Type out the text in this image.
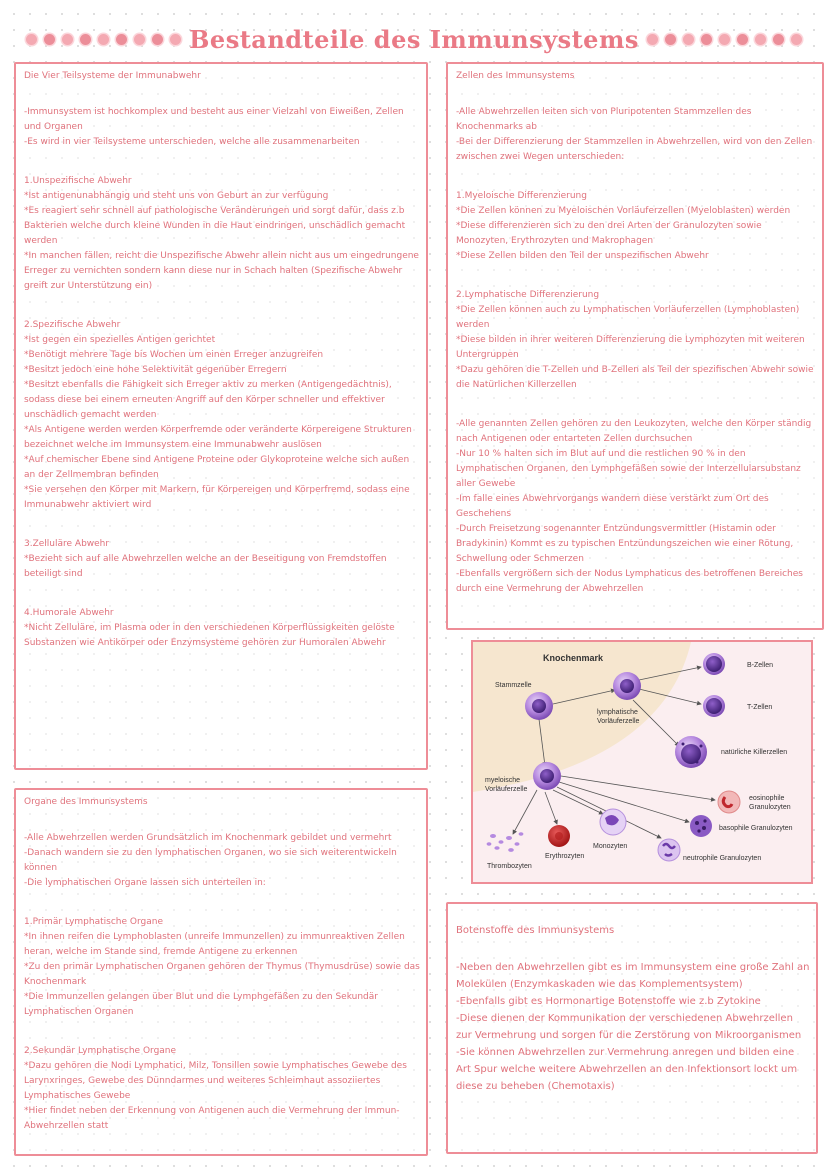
Bestandteile des Immunsystems
Die Vier Teilsysteme der Immunabwehr

-Immunsystem ist hochkomplex und besteht aus einer Vielzahl von Eiweißen, Zellen und Organen

-Es wird in vier Teilsysteme unterschieden, welche alle zusammenarbeiten

1.Unspezifische Abwehr

*Ist antigenunabhängig und steht uns von Geburt an zur verfügung

*Es reagiert sehr schnell auf pathologische Veränderungen und sorgt dafür, dass z.b Bakterien welche durch kleine Wunden in die Haut eindringen, unschädlich gemacht werden

*In manchen fällen, reicht die Unspezifische Abwehr allein nicht aus um eingedrungene Erreger zu vernichten sondern kann diese nur in Schach halten (Spezifische Abwehr greift zur Unterstützung ein)

2.Spezifische Abwehr

*Ist gegen ein spezielles Antigen gerichtet

*Benötigt mehrere Tage bis Wochen um einen Erreger anzugreifen

*Besitzt jedoch eine hohe Selektivität gegenüber Erregern

*Besitzt ebenfalls die Fähigkeit sich Erreger aktiv zu merken (Antigengedächtnis), sodass diese bei einem erneuten Angriff auf den Körper schneller und effektiver unschädlich gemacht werden

*Als Antigene werden werden Körperfremde oder veränderte Körpereigene Strukturen bezeichnet welche im Immunsystem eine Immunabwehr auslösen

*Auf chemischer Ebene sind Antigene Proteine oder Glykoproteine welche sich außen an der Zellmembran befinden

*Sie versehen den Körper mit Markern, für Körpereigen und Körperfremd, sodass eine Immunabwehr aktiviert wird

3.Zelluläre Abwehr

*Bezieht sich auf alle Abwehrzellen welche an der Beseitigung von Fremdstoffen beteiligt sind

4.Humorale Abwehr

*Nicht Zelluläre, im Plasma oder in den verschiedenen Körperflüssigkeiten gelöste Substanzen wie Antikörper oder Enzymsysteme gehören zur Humoralen Abwehr

Zellen des Immunsystems

-Alle Abwehrzellen leiten sich von Pluripotenten Stammzellen des Knochenmarks ab

-Bei der Differenzierung der Stammzellen in Abwehrzellen, wird von den Zellen zwischen zwei Wegen unterschieden:

1.Myeloische Differenzierung

*Die Zellen können zu Myeloischen Vorläuferzellen (Myeloblasten) werden

*Diese differenzieren sich zu den drei Arten der Granulozyten sowie Monozyten, Erythrozyten und Makrophagen

*Diese Zellen bilden den Teil der unspezifischen Abwehr

2.Lymphatische Differenzierung

*Die Zellen können auch zu Lymphatischen Vorläuferzellen (Lymphoblasten) werden

*Diese bilden in ihrer weiteren Differenzierung die Lymphozyten mit weiteren Untergruppen

*Dazu gehören die T-Zellen und B-Zellen als Teil der spezifischen Abwehr sowie die Natürlichen Killerzellen

-Alle genannten Zellen gehören zu den Leukozyten, welche den Körper ständig nach Antigenen oder entarteten Zellen durchsuchen

-Nur 10 % halten sich im Blut auf und die restlichen 90 % in den Lymphatischen Organen, den Lymphgefäßen sowie der Interzellularsubstanz aller Gewebe

-Im falle eines Abwehrvorgangs wandern diese verstärkt zum Ort des Geschehens

-Durch Freisetzung sogenannter Entzündungsvermittler (Histamin oder Bradykinin) Kommt es zu typischen Entzündungszeichen wie einer Rötung, Schwellung oder Schmerzen

-Ebenfalls vergrößern sich der Nodus Lymphaticus des betroffenen Bereiches durch eine Vermehrung der Abwehrzellen

Knochenmark
Stammzelle
lymphatische
Vorläuferzelle
B-Zellen
T-Zellen
natürliche Killerzellen
myeloische
Vorläuferzelle
eosinophile
Granulozyten
basophile Granulozyten
neutrophile Granulozyten
Monozyten
Erythrozyten
Thrombozyten
Organe des Immunsystems

-Alle Abwehrzellen werden Grundsätzlich im Knochenmark gebildet und vermehrt

-Danach wandern sie zu den lymphatischen Organen, wo sie sich weiterentwickeln können

-Die lymphatischen Organe lassen sich unterteilen in:

1.Primär Lymphatische Organe

*In ihnen reifen die Lymphoblasten (unreife Immunzellen) zu immunreaktiven Zellen heran, welche im Stande sind, fremde Antigene zu erkennen

*Zu den primär Lymphatischen Organen gehören der Thymus (Thymusdrüse) sowie das Knochenmark

*Die Immunzellen gelangen über Blut und die Lymphgefäßen zu den Sekundär Lymphatischen Organen

2.Sekundär Lymphatische Organe

*Dazu gehören die Nodi Lymphatici, Milz, Tonsillen sowie Lymphatisches Gewebe des Larynxringes, Gewebe des Dünndarmes und weiteres Schleimhaut assoziiertes Lymphatisches Gewebe

*Hier findet neben der Erkennung von Antigenen auch die Vermehrung der Immun-Abwehrzellen statt

Botenstoffe des Immunsystems

-Neben den Abwehrzellen gibt es im Immunsystem eine große Zahl an Molekülen (Enzymkaskaden wie das Komplementsystem)

-Ebenfalls gibt es Hormonartige Botenstoffe wie z.b Zytokine

-Diese dienen der Kommunikation der verschiedenen Abwehrzellen zur Vermehrung und sorgen für die Zerstörung von Mikroorganismen

-Sie können Abwehrzellen zur Vermehrung anregen und bilden eine Art Spur welche weitere Abwehrzellen an den Infektionsort lockt um diese zu beheben (Chemotaxis)
